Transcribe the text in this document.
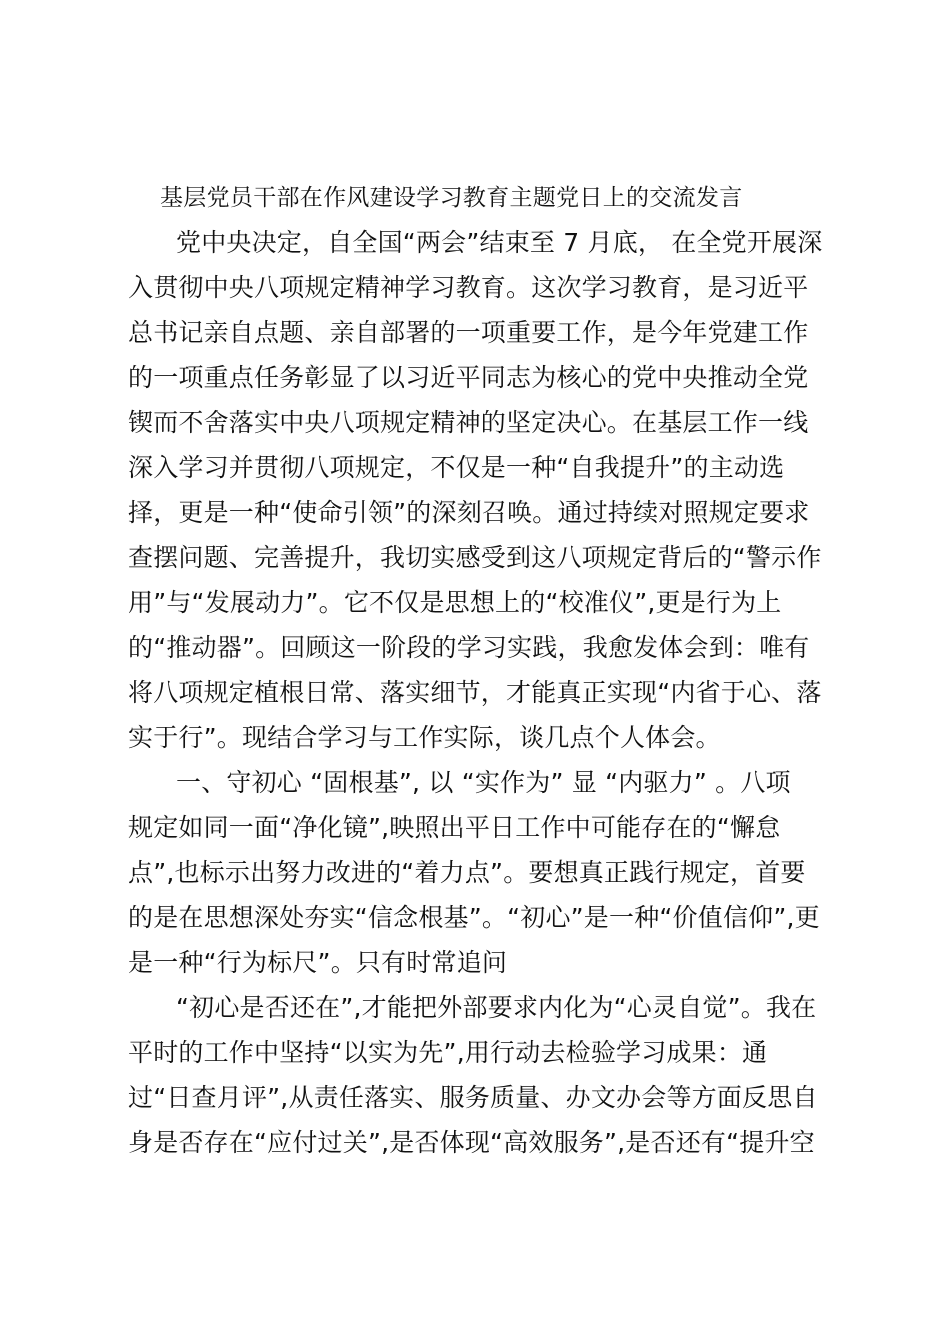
基层党员干部在作风建设学习教育主题党日上的交流发言
党中央决定，自全国“两会”结束至 7 月底， 在全党开展深
入贯彻中央八项规定精神学习教育。这次学习教育，是习近平
总书记亲自点题、亲自部署的一项重要工作，是今年党建工作
的一项重点任务彰显了以习近平同志为核心的党中央推动全党
锲而不舍落实中央八项规定精神的坚定决心。在基层工作一线
深入学习并贯彻八项规定，不仅是一种“自我提升”的主动选
择，更是一种“使命引领”的深刻召唤。通过持续对照规定要求
查摆问题、完善提升，我切实感受到这八项规定背后的“警示作
用”与“发展动力”。它不仅是思想上的“校准仪”,更是行为上
的“推动器”。回顾这一阶段的学习实践，我愈发体会到：唯有
将八项规定植根日常、落实细节，才能真正实现“内省于心、落
实于行”。现结合学习与工作实际，谈几点个人体会。
一、守初心 “固根基”, 以 “实作为” 显 “内驱力” 。八项
规定如同一面“净化镜”,映照出平日工作中可能存在的“懈怠
点”,也标示出努力改进的“着力点”。要想真正践行规定，首要
的是在思想深处夯实“信念根基”。“初心”是一种“价值信仰”,更
是一种“行为标尺”。只有时常追问
“初心是否还在”,才能把外部要求内化为“心灵自觉”。我在
平时的工作中坚持“以实为先”,用行动去检验学习成果：通
过“日查月评”,从责任落实、服务质量、办文办会等方面反思自
身是否存在“应付过关”,是否体现“高效服务”,是否还有“提升空
